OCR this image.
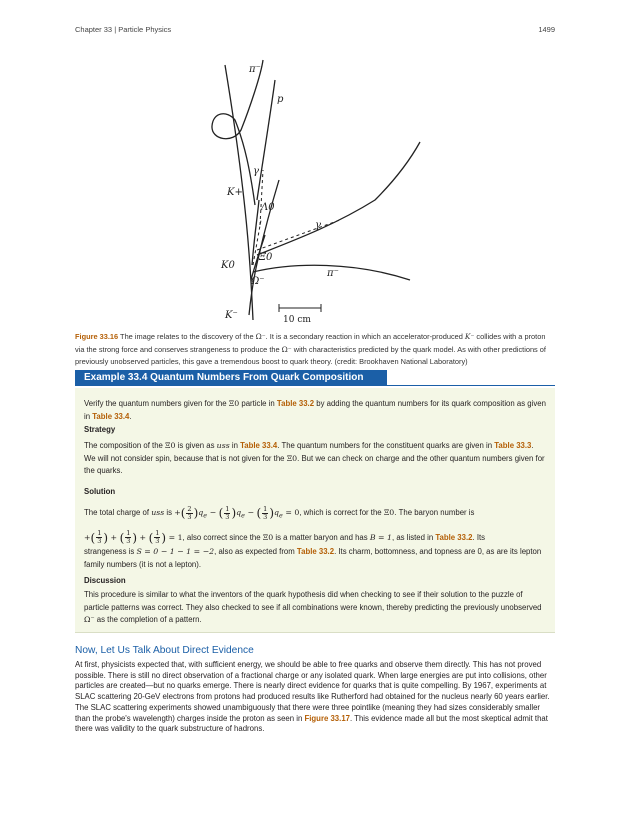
Chapter 33 | Particle Physics	1499
π⁻
p
γ
K+
Λ0
γ
Ξ0
K0
π⁻
Ω⁻
K⁻	10 cm
Figure 33.16 The image relates to the discovery of the Ω⁻. It is a secondary reaction in which an accelerator-produced K⁻ collides with a proton via the strong force and conserves strangeness to produce the Ω⁻ with characteristics predicted by the quark model. As with other predictions of previously unobserved particles, this gave a tremendous boost to quark theory. (credit: Brookhaven National Laboratory)
Example 33.4 Quantum Numbers From Quark Composition
Verify the quantum numbers given for the Ξ0 particle in Table 33.2 by adding the quantum numbers for its quark composition as given in Table 33.4.
Strategy
The composition of the Ξ0 is given as uss in Table 33.4. The quantum numbers for the constituent quarks are given in Table 33.3. We will not consider spin, because that is not given for the Ξ0. But we can check on charge and the other quantum numbers given for the quarks.
Solution
The total charge of uss is +( $\frac{2}{3} )q_e$ − ( $\frac{1}{3} )q_e$ − ( $\frac{1}{3} )q_e = 0$, which is correct for the Ξ0. The baryon number is
+( $\frac{1}{3}$ ) + ( $\frac{1}{3}$ ) + ( $\frac{1}{3}$ ) = 1, also correct since the Ξ0 is a matter baryon and has B = 1, as listed in Table 33.2. Its
strangeness is S = 0 − 1 − 1 = −2, also as expected from Table 33.2. Its charm, bottomness, and topness are 0, as are its lepton family numbers (it is not a lepton).
Discussion
This procedure is similar to what the inventors of the quark hypothesis did when checking to see if their solution to the puzzle of particle patterns was correct. They also checked to see if all combinations were known, thereby predicting the previously unobserved Ω⁻ as the completion of a pattern.
Now, Let Us Talk About Direct Evidence
At first, physicists expected that, with sufficient energy, we should be able to free quarks and observe them directly. This has not proved possible. There is still no direct observation of a fractional charge or any isolated quark. When large energies are put into collisions, other particles are created—but no quarks emerge. There is nearly direct evidence for quarks that is quite compelling. By 1967, experiments at SLAC scattering 20-GeV electrons from protons had produced results like Rutherford had obtained for the nucleus nearly 60 years earlier. The SLAC scattering experiments showed unambiguously that there were three pointlike (meaning they had sizes considerably smaller than the probe's wavelength) charges inside the proton as seen in Figure 33.17. This evidence made all but the most skeptical admit that there was validity to the quark substructure of hadrons.
